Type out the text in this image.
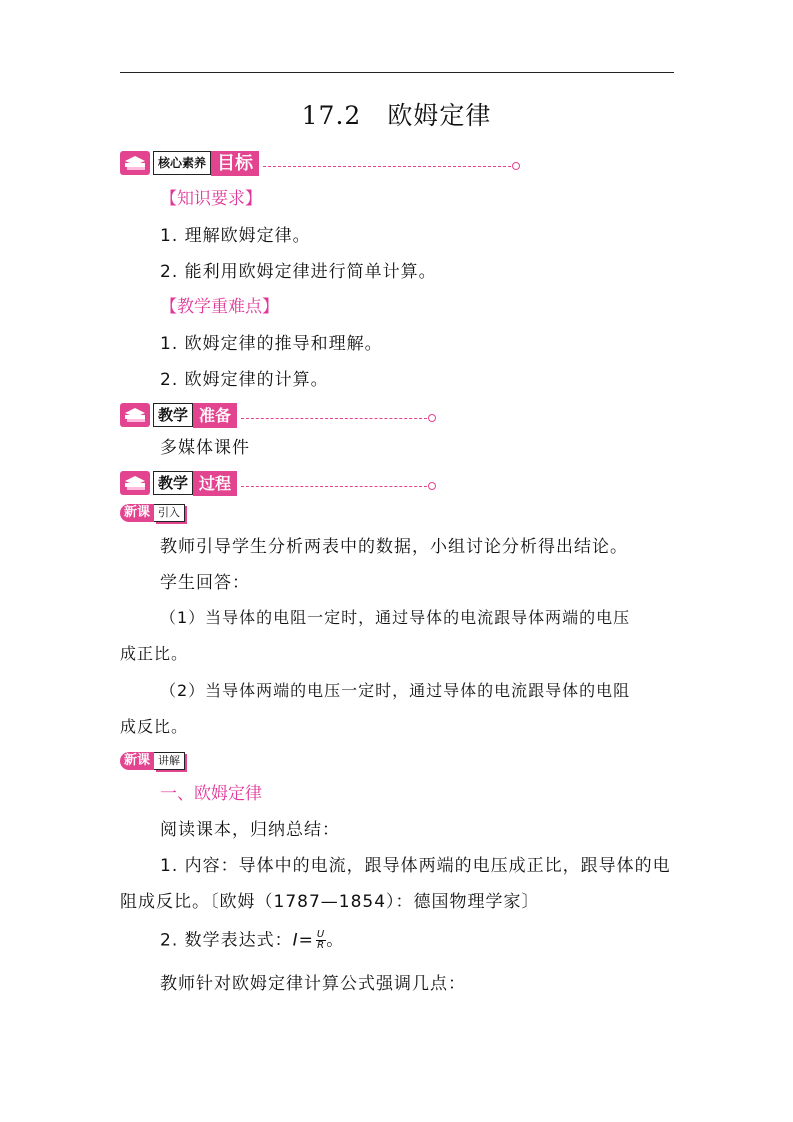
17.2 欧姆定律
核心素养 目标
【知识要求】
1. 理解欧姆定律。
2. 能利用欧姆定律进行简单计算。
【教学重难点】
1. 欧姆定律的推导和理解。
2. 欧姆定律的计算。
教学 准备
多媒体课件
教学 过程
新课 引入
教师引导学生分析两表中的数据，小组讨论分析得出结论。
学生回答：
（1）当导体的电阻一定时，通过导体的电流跟导体两端的电压
成正比。
（2）当导体两端的电压一定时，通过导体的电流跟导体的电阻
成反比。
新课 讲解
一、欧姆定律
阅读课本，归纳总结：
1. 内容：导体中的电流，跟导体两端的电压成正比，跟导体的电
阻成反比。〔欧姆（1787—1854）：德国物理学家〕
2. 数学表达式：$I= \frac{U}{R}$ 。
教师针对欧姆定律计算公式强调几点：
